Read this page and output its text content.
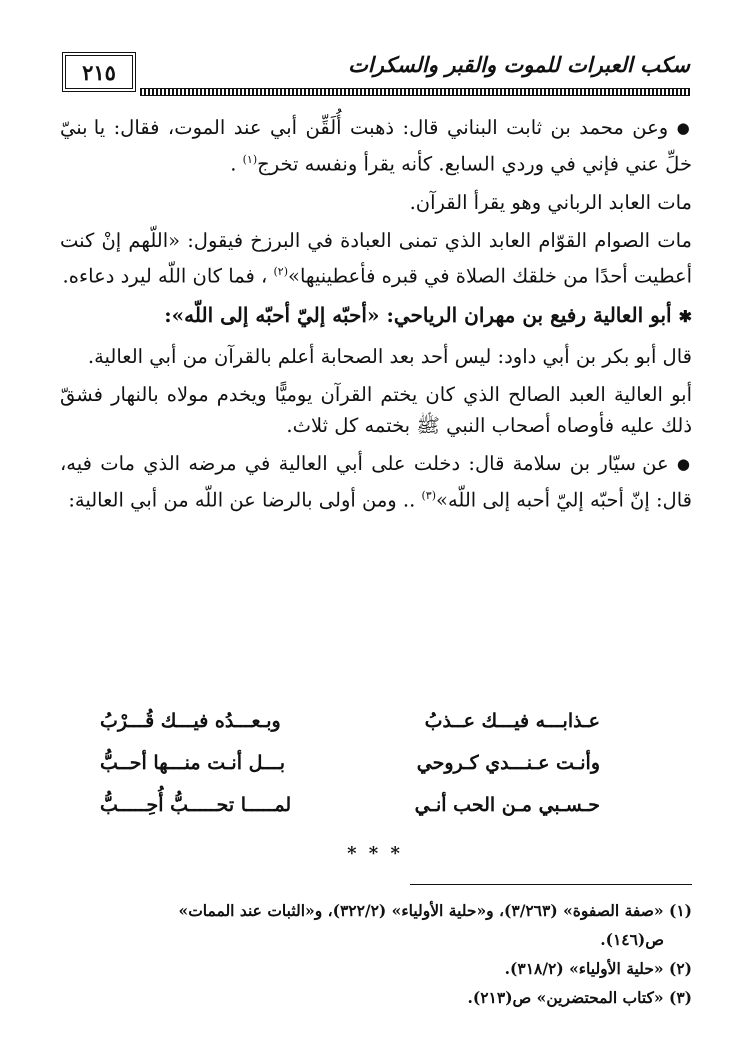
٢١٥	سكب العبرات للموت والقبر والسكرات

● وعن محمد بن ثابت البناني قال: ذهبت أُلَقِّن أبي عند الموت، فقال: يا بنيّ خلِّ عني فإني في وردي السابع. كأنه يقرأ ونفسه تخرج$^{(١)}$ .

مات العابد الرباني وهو يقرأ القرآن.

مات الصوام القوّام العابد الذي تمنى العبادة في البرزخ فيقول: «اللّهم إنْ كنت أعطيت أحدًا من خلقك الصلاة في قبره فأعطينيها»$^{(٢)}$ ، فما كان اللّه ليرد دعاءه.

✱ أبو العالية رفيع بن مهران الرياحي: «أحبّه إليّ أحبّه إلى اللّه»:

قال أبو بكر بن أبي داود: ليس أحد بعد الصحابة أعلم بالقرآن من أبي العالية.

أبو العالية العبد الصالح الذي كان يختم القرآن يوميًّا ويخدم مولاه بالنهار فشقّ ذلك عليه فأوصاه أصحاب النبي ﷺ بختمه كل ثلاث.

● عن سيّار بن سلامة قال: دخلت على أبي العالية في مرضه الذي مات فيه، قال: إنّ أحبّه إليّ أحبه إلى اللّه»$^{(٣)}$ .. ومن أولى بالرضا عن اللّه من أبي العالية:

عـذابـــه فيـــك عــذبُ
وبـعـــدُه فيـــك قُـــرْبُ
وأنـت عـنـــدي كـروحي
بـــل أنـت منـــها أحــبُّ
حـسـبي مـن الحب أنـي
لمـــــا تحـــــبُّ أُحِـــــبُّ
* * *

(١) «صفة الصفوة» (٣/٢٦٣)، و«حلية الأولياء» (٣٢٢/٢)، و«الثبات عند الممات»

ص(١٤٦).

(٢) «حلية الأولياء» (٣١٨/٢).

(٣) «كتاب المحتضرين» ص(٢١٣).
